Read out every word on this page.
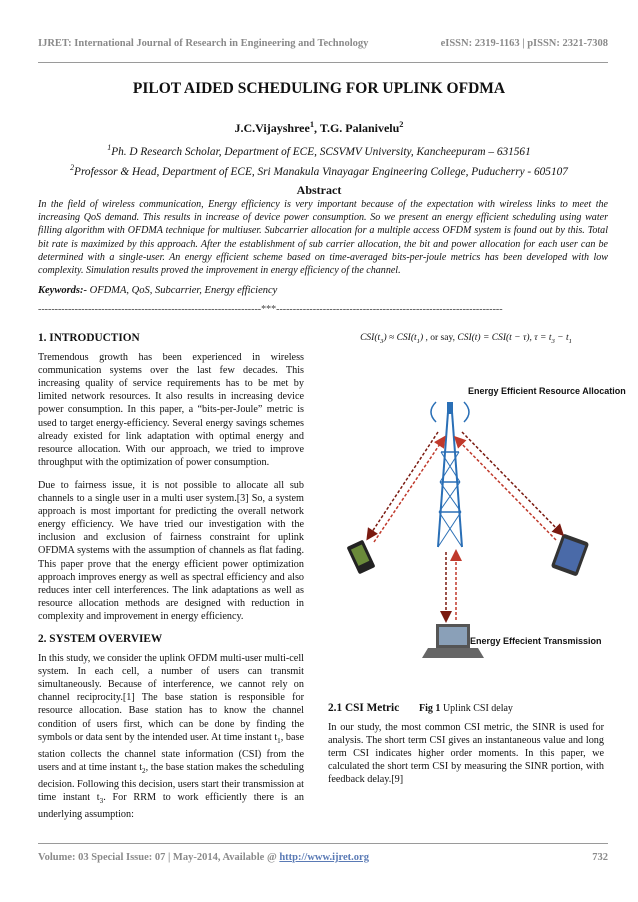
IJRET: International Journal of Research in Engineering and Technology	eISSN: 2319-1163 | pISSN: 2321-7308
PILOT AIDED SCHEDULING FOR UPLINK OFDMA
J.C.Vijayshree$^1$, T.G. Palanivelu$^2$
$^1$Ph. D Research Scholar, Department of ECE, SCSVMV University, Kancheepuram – 631561
$^2$Professor & Head, Department of ECE, Sri Manakula Vinayagar Engineering College, Puducherry - 605107
Abstract
In the field of wireless communication, Energy efficiency is very important because of the expectation with wireless links to meet the increasing QoS demand. This results in increase of device power consumption. So we present an energy efficient scheduling using water filling algorithm with OFDMA technique for multiuser. Subcarrier allocation for a multiple access OFDM system is found out by this. Total bit rate is maximized by this approach. After the establishment of sub carrier allocation, the bit and power allocation for each user can be determined with a single-user. An energy efficient scheme based on time-averaged bits-per-joule metrics has been developed with low complexity. Simulation results proved the improvement in energy efficiency of the channel.
Keywords:- OFDMA, QoS, Subcarrier, Energy efficiency
-------------------------------------------------------------------***--------------------------------------------------------------------
1. INTRODUCTION
Tremendous growth has been experienced in wireless communication systems over the last few decades. This increasing quality of service requirements has to be met by limited network resources. It also results in increasing device power consumption. In this paper, a “bits-per-Joule” metric is used to target energy-efficiency. Several energy savings schemes already existed for link adaptation with optimal energy and resource allocation. With our approach, we tried to improve throughput with the optimization of power consumption.
Due to fairness issue, it is not possible to allocate all sub channels to a single user in a multi user system.[3] So, a system approach is most important for predicting the overall network energy efficiency. We have tried our investigation with the inclusion and exclusion of fairness constraint for uplink OFDMA systems with the assumption of channels as flat fading. This paper prove that the energy efficient power optimization approach improves energy as well as spectral efficiency and also reduces inter cell interferences. The link adaptations as well as resource allocation methods are designed with reduction in complexity and improvement in energy efficiency.
2. SYSTEM OVERVIEW
In this study, we consider the uplink OFDM multi-user multi-cell system. In each cell, a number of users can transmit simultaneously. Because of interference, we cannot rely on channel reciprocity.[1] The base station is responsible for resource allocation. Base station has to know the channel condition of users first, which can be done by finding the symbols or data sent by the intended user. At time instant $t_1$, base station collects the channel state information (CSI) from the users and at time instant $t_2$, the base station makes the scheduling decision. Following this decision, users start their transmission at time instant $t_3$. For RRM to work efficiently there is an underlying assumption:
$CSI(t_3) \approx CSI(t_1)$ , or say, CSI(t) = CSI(t − τ), $\tau = t_3 - t_1$
Energy Efficient Resource Allocation
Energy Effecient Transmission
Fig 1 Uplink CSI delay
2.1 CSI Metric
In our study, the most common CSI metric, the SINR is used for analysis. The short term CSI gives an instantaneous value and long term CSI indicates higher order moments. In this paper, we calculated the short term CSI by measuring the SINR portion, with feedback delay.[9]
Volume: 03 Special Issue: 07 | May-2014, Available @ http://www.ijret.org	732
